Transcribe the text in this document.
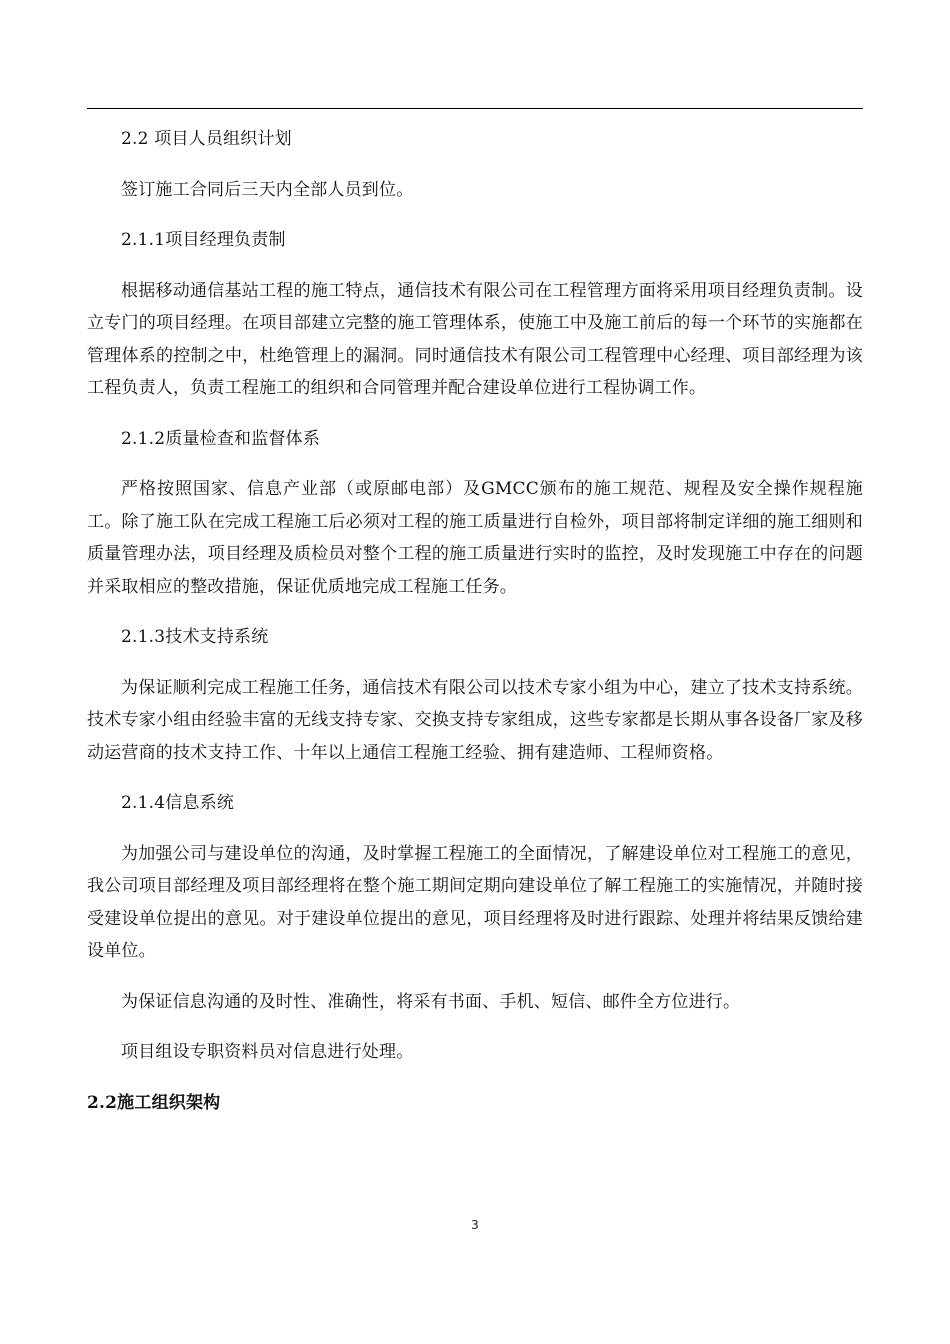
2.2 项目人员组织计划

签订施工合同后三天内全部人员到位。

2.1.1项目经理负责制

根据移动通信基站工程的施工特点，通信技术有限公司在工程管理方面将采用项目经理负责制。设立专门的项目经理。在项目部建立完整的施工管理体系，使施工中及施工前后的每一个环节的实施都在管理体系的控制之中，杜绝管理上的漏洞。同时通信技术有限公司工程管理中心经理、项目部经理为该工程负责人，负责工程施工的组织和合同管理并配合建设单位进行工程协调工作。

2.1.2质量检查和监督体系

严格按照国家、信息产业部（或原邮电部）及GMCC颁布的施工规范、规程及安全操作规程施工。除了施工队在完成工程施工后必须对工程的施工质量进行自检外，项目部将制定详细的施工细则和质量管理办法，项目经理及质检员对整个工程的施工质量进行实时的监控，及时发现施工中存在的问题并采取相应的整改措施，保证优质地完成工程施工任务。

2.1.3技术支持系统

为保证顺利完成工程施工任务，通信技术有限公司以技术专家小组为中心，建立了技术支持系统。技术专家小组由经验丰富的无线支持专家、交换支持专家组成，这些专家都是长期从事各设备厂家及移动运营商的技术支持工作、十年以上通信工程施工经验、拥有建造师、工程师资格。

2.1.4信息系统

为加强公司与建设单位的沟通，及时掌握工程施工的全面情况，了解建设单位对工程施工的意见，我公司项目部经理及项目部经理将在整个施工期间定期向建设单位了解工程施工的实施情况，并随时接受建设单位提出的意见。对于建设单位提出的意见，项目经理将及时进行跟踪、处理并将结果反馈给建设单位。

为保证信息沟通的及时性、准确性，将采有书面、手机、短信、邮件全方位进行。

项目组设专职资料员对信息进行处理。

2.2施工组织架构
3
